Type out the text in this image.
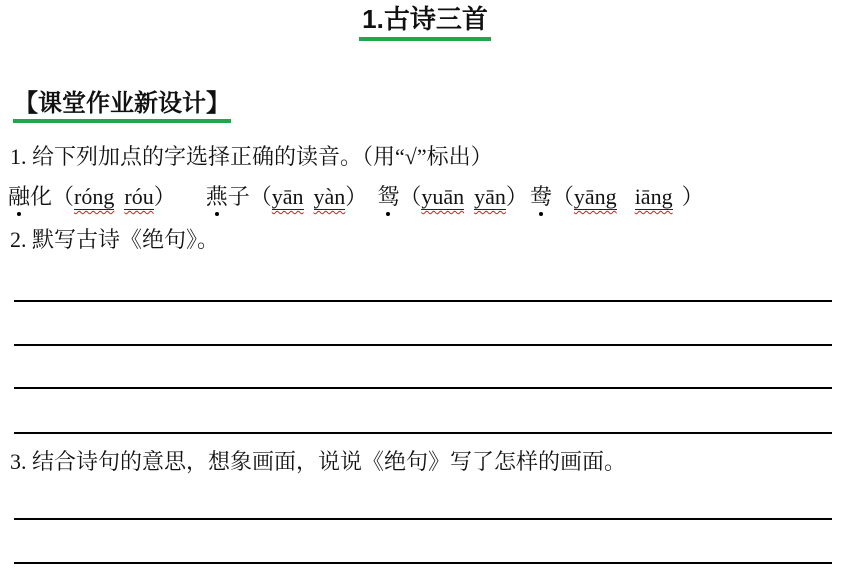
1.古诗三首
【课堂作业新设计】

1. 给下列加点的字选择正确的读音。（用“√”标出）

融化（róng róu） 燕子（yān yàn） 鸳（yuān yān）鸯（yāng iāng ）

2. 默写古诗《绝句》。

3. 结合诗句的意思，想象画面，说说《绝句》写了怎样的画面。
